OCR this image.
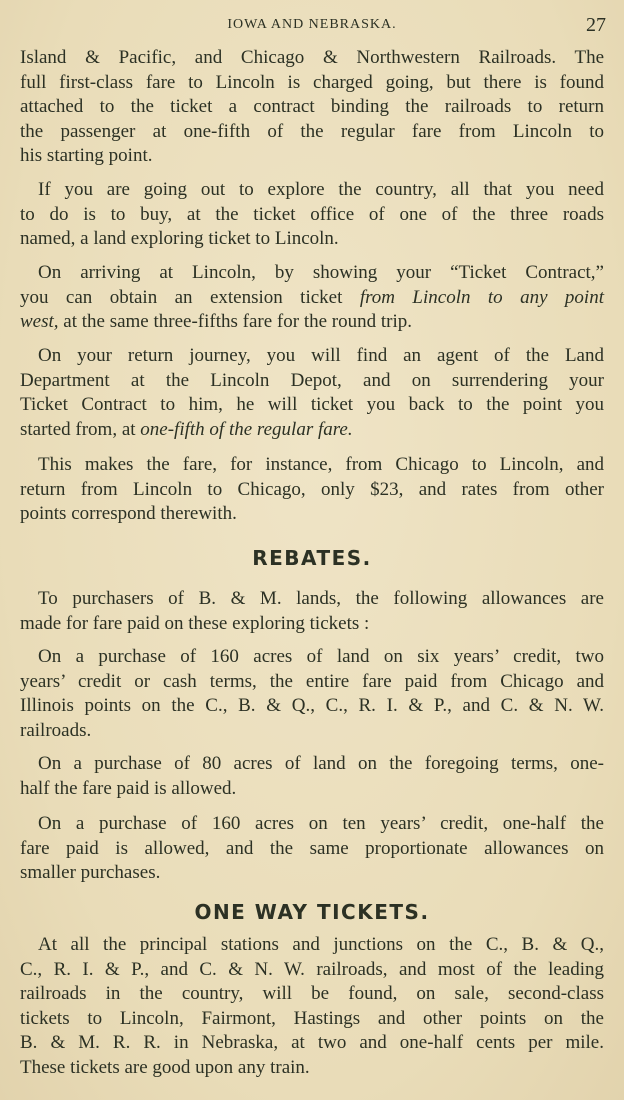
IOWA AND NEBRASKA.	27
Island & Pacific, and Chicago & Northwestern Railroads. The
full first-class fare to Lincoln is charged going, but there is found
attached to the ticket a contract binding the railroads to return
the passenger at one-fifth of the regular fare from Lincoln to
his starting point.
If you are going out to explore the country, all that you need
to do is to buy, at the ticket office of one of the three roads
named, a land exploring ticket to Lincoln.
On arriving at Lincoln, by showing your “Ticket Contract,”
you can obtain an extension ticket from Lincoln to any point
west, at the same three-fifths fare for the round trip.
On your return journey, you will find an agent of the Land
Department at the Lincoln Depot, and on surrendering your
Ticket Contract to him, he will ticket you back to the point you
started from, at one-fifth of the regular fare.
This makes the fare, for instance, from Chicago to Lincoln, and
return from Lincoln to Chicago, only $23, and rates from other
points correspond therewith.
REBATES.
To purchasers of B. & M. lands, the following allowances are
made for fare paid on these exploring tickets :
On a purchase of 160 acres of land on six years’ credit, two
years’ credit or cash terms, the entire fare paid from Chicago and
Illinois points on the C., B. & Q., C., R. I. & P., and C. & N. W.
railroads.
On a purchase of 80 acres of land on the foregoing terms, one-
half the fare paid is allowed.
On a purchase of 160 acres on ten years’ credit, one-half the
fare paid is allowed, and the same proportionate allowances on
smaller purchases.
ONE WAY TICKETS.
At all the principal stations and junctions on the C., B. & Q.,
C., R. I. & P., and C. & N. W. railroads, and most of the leading
railroads in the country, will be found, on sale, second-class
tickets to Lincoln, Fairmont, Hastings and other points on the
B. & M. R. R. in Nebraska, at two and one-half cents per mile.
These tickets are good upon any train.
